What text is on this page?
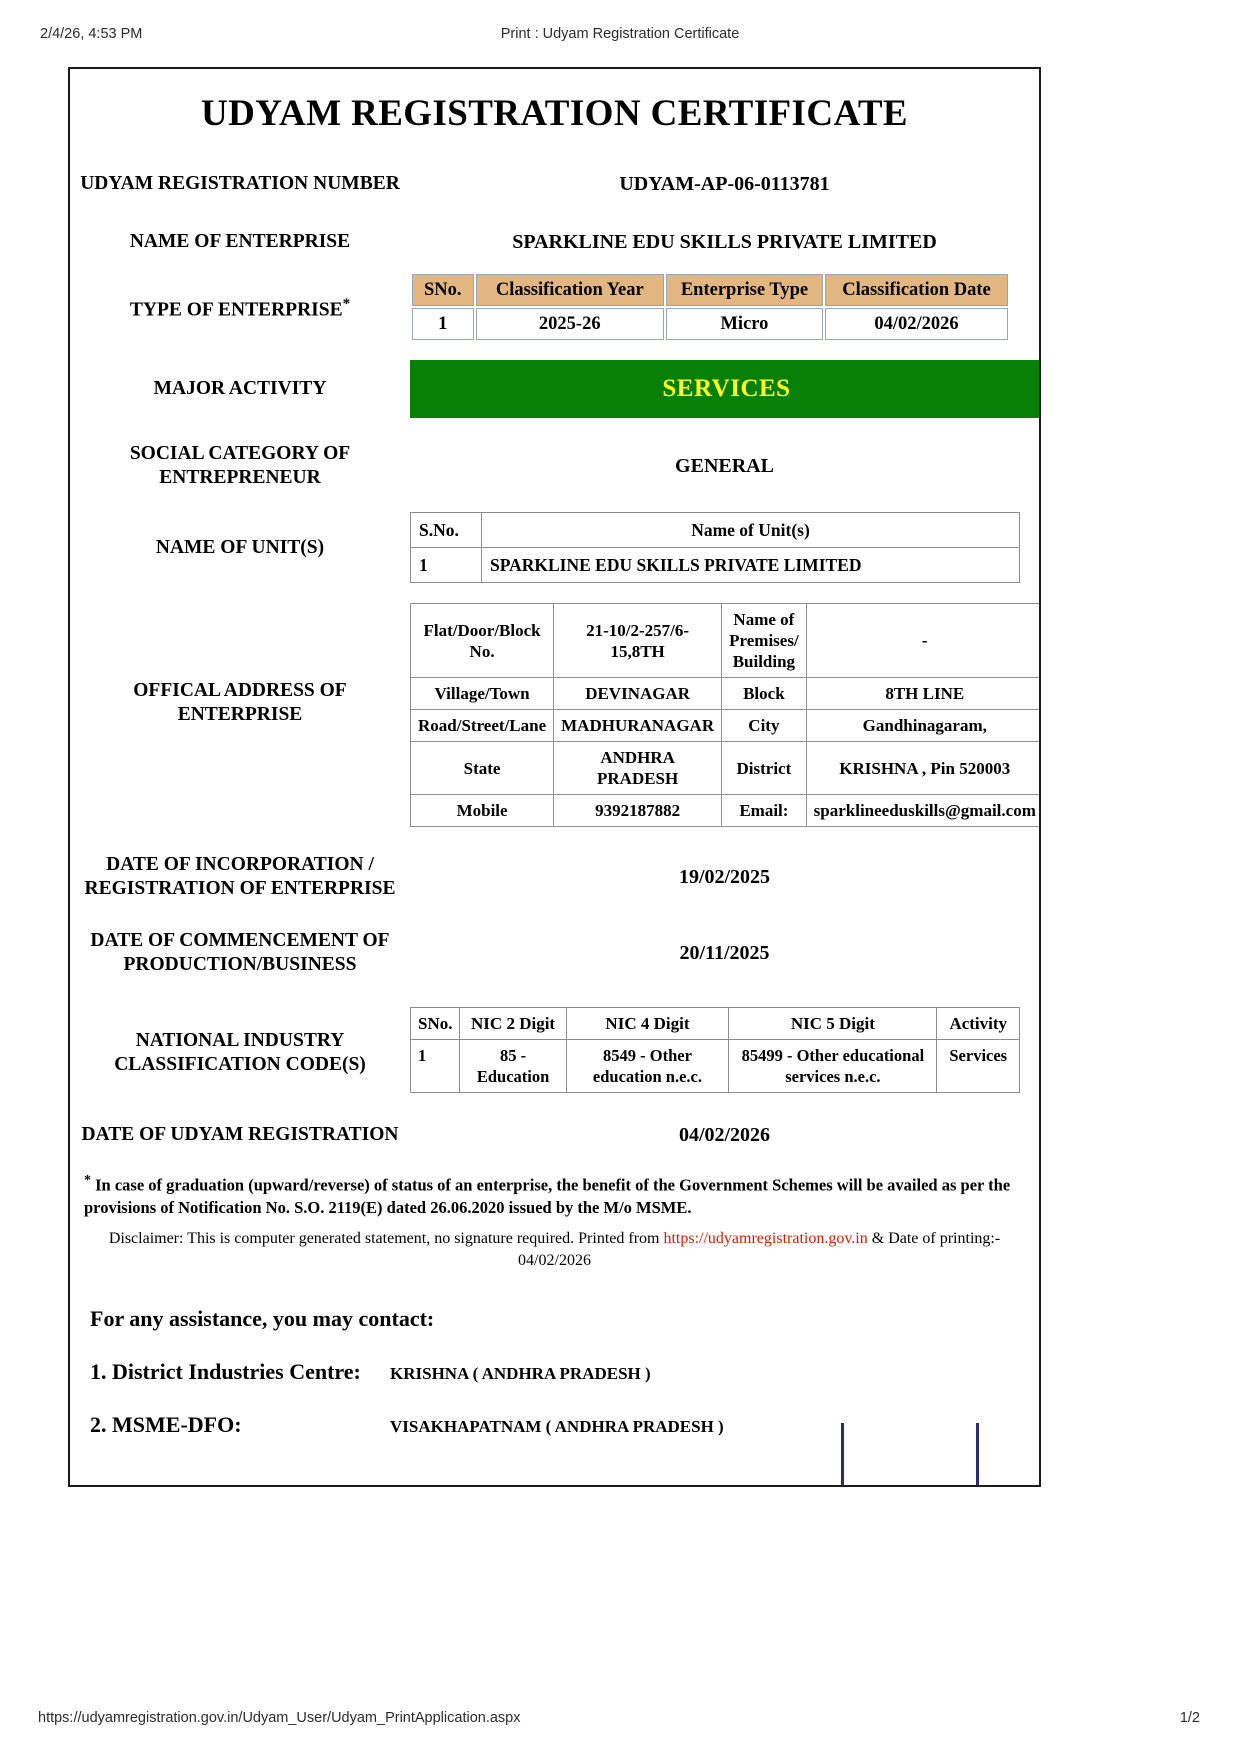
2/4/26, 4:53 PM	Print : Udyam Registration Certificate
UDYAM REGISTRATION CERTIFICATE
UDYAM REGISTRATION NUMBER	UDYAM-AP-06-0113781
NAME OF ENTERPRISE	SPARKLINE EDU SKILLS PRIVATE LIMITED
TYPE OF ENTERPRISE*
SNo.	Classification Year	Enterprise Type	Classification Date
1	2025-26	Micro	04/02/2026
MAJOR ACTIVITY	SERVICES
SOCIAL CATEGORY OF ENTREPRENEUR
GENERAL
NAME OF UNIT(S)
S.No.	Name of Unit(s)
1	SPARKLINE EDU SKILLS PRIVATE LIMITED
OFFICAL ADDRESS OF ENTERPRISE
Flat/Door/Block No.	21-10/2-257/6-15,8TH	Name of Premises/ Building	-
Village/Town	DEVINAGAR	Block	8TH LINE
Road/Street/Lane	MADHURANAGAR	City	Gandhinagaram,
State	ANDHRA PRADESH	District	KRISHNA , Pin 520003
Mobile	9392187882	Email:	sparklineeduskills@gmail.com
DATE OF INCORPORATION / REGISTRATION OF ENTERPRISE
19/02/2025
DATE OF COMMENCEMENT OF PRODUCTION/BUSINESS
20/11/2025
NATIONAL INDUSTRY CLASSIFICATION CODE(S)
SNo.	NIC 2 Digit	NIC 4 Digit	NIC 5 Digit	Activity
1	85 - Education	8549 - Other education n.e.c.	85499 - Other educational services n.e.c.	Services
DATE OF UDYAM REGISTRATION	04/02/2026
* In case of graduation (upward/reverse) of status of an enterprise, the benefit of the Government Schemes will be availed as per the provisions of Notification No. S.O. 2119(E) dated 26.06.2020 issued by the M/o MSME.
Disclaimer: This is computer generated statement, no signature required. Printed from https://udyamregistration.gov.in & Date of printing:- 04/02/2026
For any assistance, you may contact:
1. District Industries Centre:	KRISHNA ( ANDHRA PRADESH )
2. MSME-DFO:	VISAKHAPATNAM ( ANDHRA PRADESH )
https://udyamregistration.gov.in/Udyam_User/Udyam_PrintApplication.aspx	1/2
